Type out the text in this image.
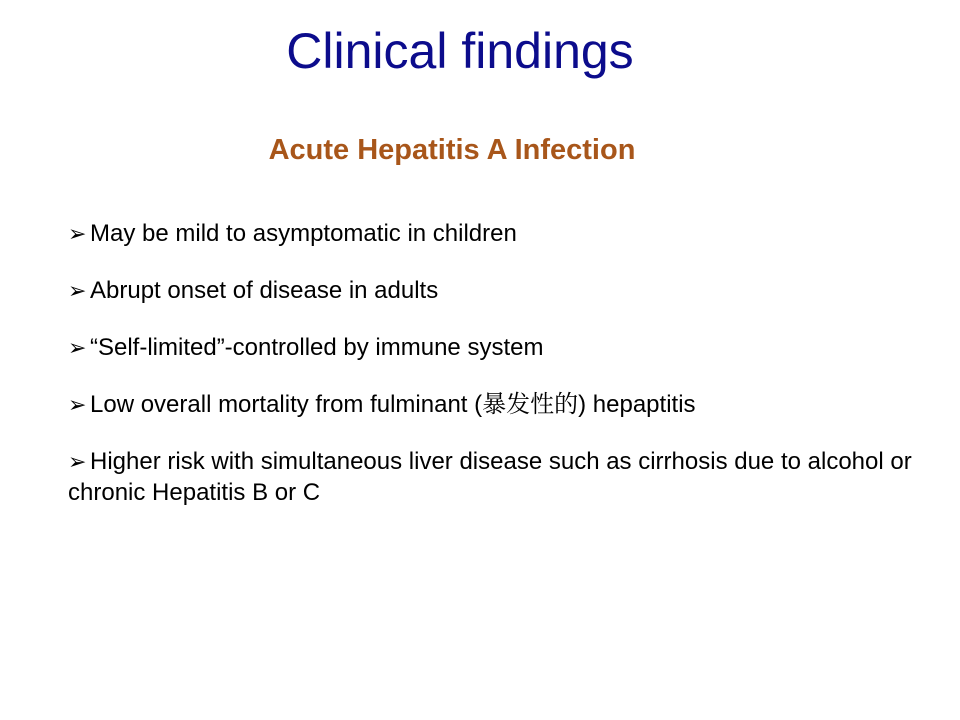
Clinical findings
Acute Hepatitis A Infection
➢ May be mild to asymptomatic in children
➢ Abrupt onset of disease in adults
➢ “Self-limited”-controlled by immune system
➢ Low overall mortality from fulminant (暴发性的) hepaptitis
➢ Higher risk with simultaneous liver disease such as cirrhosis due to alcohol or chronic Hepatitis B or C
